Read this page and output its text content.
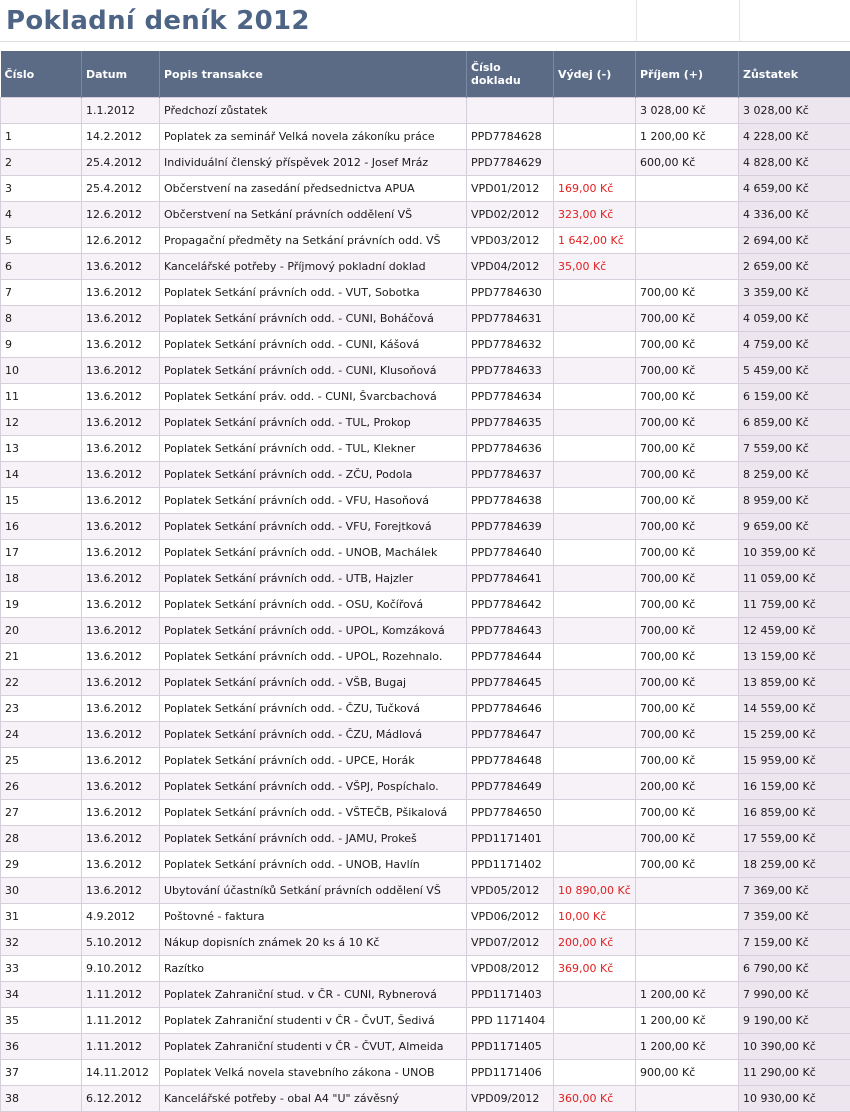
Pokladní deník 2012
Číslo	Datum	Popis transakce	Číslo dokladu	Výdej (-)	Příjem (+)	Zůstatek
	1.1.2012	Předchozí zůstatek			3 028,00 Kč	3 028,00 Kč
1	14.2.2012	Poplatek za seminář Velká novela zákoníku práce	PPD7784628		1 200,00 Kč	4 228,00 Kč
2	25.4.2012	Individuální členský příspěvek 2012 - Josef Mráz	PPD7784629		600,00 Kč	4 828,00 Kč
3	25.4.2012	Občerstvení na zasedání předsednictva APUA	VPD01/2012	169,00 Kč		4 659,00 Kč
4	12.6.2012	Občerstvení na Setkání právních oddělení VŠ	VPD02/2012	323,00 Kč		4 336,00 Kč
5	12.6.2012	Propagační předměty na Setkání právních odd. VŠ	VPD03/2012	1 642,00 Kč		2 694,00 Kč
6	13.6.2012	Kancelářské potřeby - Příjmový pokladní doklad	VPD04/2012	35,00 Kč		2 659,00 Kč
7	13.6.2012	Poplatek Setkání právních odd. - VUT, Sobotka	PPD7784630		700,00 Kč	3 359,00 Kč
8	13.6.2012	Poplatek Setkání právních odd. - CUNI, Boháčová	PPD7784631		700,00 Kč	4 059,00 Kč
9	13.6.2012	Poplatek Setkání právních odd. - CUNI, Kášová	PPD7784632		700,00 Kč	4 759,00 Kč
10	13.6.2012	Poplatek Setkání právních odd. - CUNI, Klusoňová	PPD7784633		700,00 Kč	5 459,00 Kč
11	13.6.2012	Poplatek Setkání práv. odd. - CUNI, Švarcbachová	PPD7784634		700,00 Kč	6 159,00 Kč
12	13.6.2012	Poplatek Setkání právních odd. - TUL, Prokop	PPD7784635		700,00 Kč	6 859,00 Kč
13	13.6.2012	Poplatek Setkání právních odd. - TUL, Klekner	PPD7784636		700,00 Kč	7 559,00 Kč
14	13.6.2012	Poplatek Setkání právních odd. - ZČU, Podola	PPD7784637		700,00 Kč	8 259,00 Kč
15	13.6.2012	Poplatek Setkání právních odd. - VFU, Hasoňová	PPD7784638		700,00 Kč	8 959,00 Kč
16	13.6.2012	Poplatek Setkání právních odd. - VFU, Forejtková	PPD7784639		700,00 Kč	9 659,00 Kč
17	13.6.2012	Poplatek Setkání právních odd. - UNOB, Machálek	PPD7784640		700,00 Kč	10 359,00 Kč
18	13.6.2012	Poplatek Setkání právních odd. - UTB, Hajzler	PPD7784641		700,00 Kč	11 059,00 Kč
19	13.6.2012	Poplatek Setkání právních odd. - OSU, Kočířová	PPD7784642		700,00 Kč	11 759,00 Kč
20	13.6.2012	Poplatek Setkání právních odd. - UPOL, Komzáková	PPD7784643		700,00 Kč	12 459,00 Kč
21	13.6.2012	Poplatek Setkání právních odd. - UPOL, Rozehnalo.	PPD7784644		700,00 Kč	13 159,00 Kč
22	13.6.2012	Poplatek Setkání právních odd. - VŠB, Bugaj	PPD7784645		700,00 Kč	13 859,00 Kč
23	13.6.2012	Poplatek Setkání právních odd. - ČZU, Tučková	PPD7784646		700,00 Kč	14 559,00 Kč
24	13.6.2012	Poplatek Setkání právních odd. - ČZU, Mádlová	PPD7784647		700,00 Kč	15 259,00 Kč
25	13.6.2012	Poplatek Setkání právních odd. - UPCE, Horák	PPD7784648		700,00 Kč	15 959,00 Kč
26	13.6.2012	Poplatek Setkání právních odd. - VŠPJ, Pospíchalo.	PPD7784649		200,00 Kč	16 159,00 Kč
27	13.6.2012	Poplatek Setkání právních odd. - VŠTEČB, Pšikalová	PPD7784650		700,00 Kč	16 859,00 Kč
28	13.6.2012	Poplatek Setkání právních odd. - JAMU, Prokeš	PPD1171401		700,00 Kč	17 559,00 Kč
29	13.6.2012	Poplatek Setkání právních odd. - UNOB, Havlín	PPD1171402		700,00 Kč	18 259,00 Kč
30	13.6.2012	Ubytování účastníků Setkání právních oddělení VŠ	VPD05/2012	10 890,00 Kč		7 369,00 Kč
31	4.9.2012	Poštovné - faktura	VPD06/2012	10,00 Kč		7 359,00 Kč
32	5.10.2012	Nákup dopisních známek 20 ks á 10 Kč	VPD07/2012	200,00 Kč		7 159,00 Kč
33	9.10.2012	Razítko	VPD08/2012	369,00 Kč		6 790,00 Kč
34	1.11.2012	Poplatek Zahraniční stud. v ČR - CUNI, Rybnerová	PPD1171403		1 200,00 Kč	7 990,00 Kč
35	1.11.2012	Poplatek Zahraniční studenti v ČR - ČvUT, Šedivá	PPD 1171404		1 200,00 Kč	9 190,00 Kč
36	1.11.2012	Poplatek Zahraniční studenti v ČR - ČVUT, Almeida	PPD1171405		1 200,00 Kč	10 390,00 Kč
37	14.11.2012	Poplatek Velká novela stavebního zákona - UNOB	PPD1171406		900,00 Kč	11 290,00 Kč
38	6.12.2012	Kancelářské potřeby - obal A4 "U" závěsný	VPD09/2012	360,00 Kč		10 930,00 Kč
